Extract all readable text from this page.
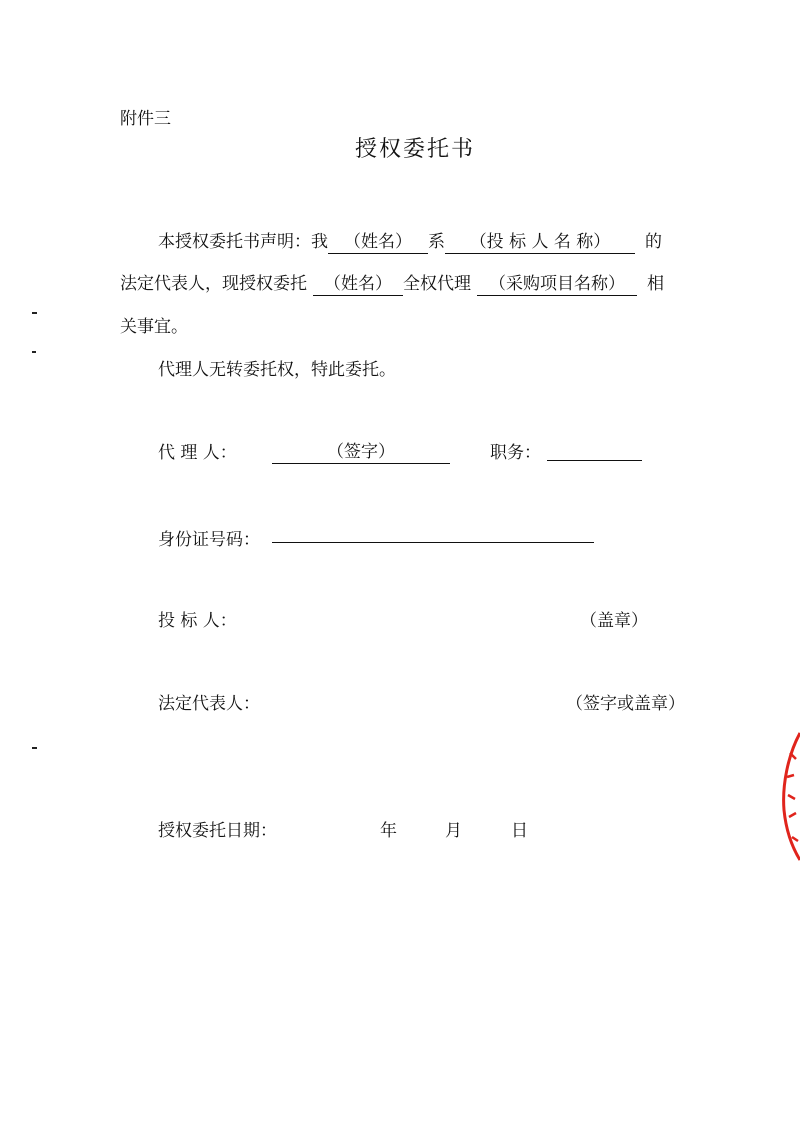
附件三
授权委托书
本授权委托书声明：我 （姓名） 系 （投 标 人 名 称） 的
法定代表人，现授权委托 （姓名） 全权代理 （采购项目名称） 相
关事宜。
代理人无转委托权，特此委托。
代 理 人：	（签字）	职务：
身份证号码：
投 标 人：	（盖章）
法定代表人：	（签字或盖章）
授权委托日期：	年	月	日
